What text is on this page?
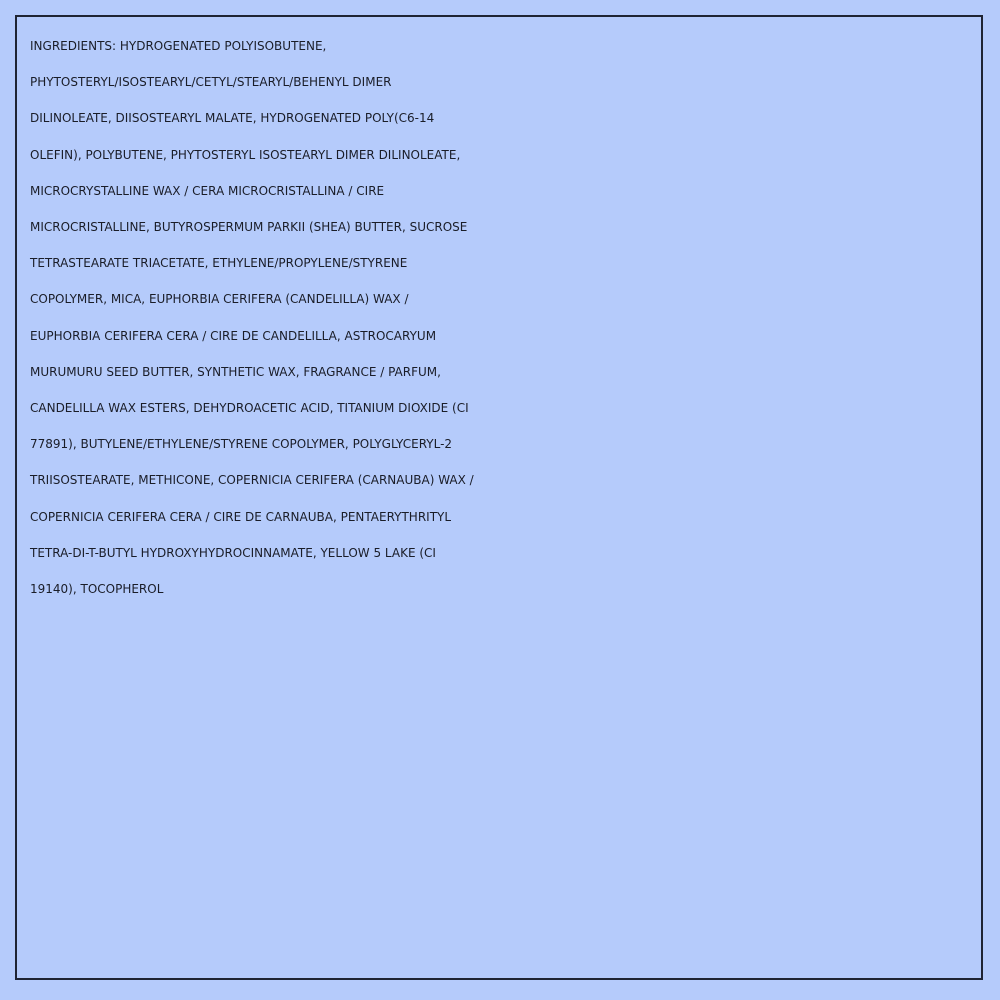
INGREDIENTS: HYDROGENATED POLYISOBUTENE,
PHYTOSTERYL/ISOSTEARYL/CETYL/STEARYL/BEHENYL DIMER
DILINOLEATE, DIISOSTEARYL MALATE, HYDROGENATED POLY(C6-14
OLEFIN), POLYBUTENE, PHYTOSTERYL ISOSTEARYL DIMER DILINOLEATE,
MICROCRYSTALLINE WAX / CERA MICROCRISTALLINA / CIRE
MICROCRISTALLINE, BUTYROSPERMUM PARKII (SHEA) BUTTER, SUCROSE
TETRASTEARATE TRIACETATE, ETHYLENE/PROPYLENE/STYRENE
COPOLYMER, MICA, EUPHORBIA CERIFERA (CANDELILLA) WAX /
EUPHORBIA CERIFERA CERA / CIRE DE CANDELILLA, ASTROCARYUM
MURUMURU SEED BUTTER, SYNTHETIC WAX, FRAGRANCE / PARFUM,
CANDELILLA WAX ESTERS, DEHYDROACETIC ACID, TITANIUM DIOXIDE (CI
77891), BUTYLENE/ETHYLENE/STYRENE COPOLYMER, POLYGLYCERYL-2
TRIISOSTEARATE, METHICONE, COPERNICIA CERIFERA (CARNAUBA) WAX /
COPERNICIA CERIFERA CERA / CIRE DE CARNAUBA, PENTAERYTHRITYL
TETRA-DI-T-BUTYL HYDROXYHYDROCINNAMATE, YELLOW 5 LAKE (CI
19140), TOCOPHEROL
